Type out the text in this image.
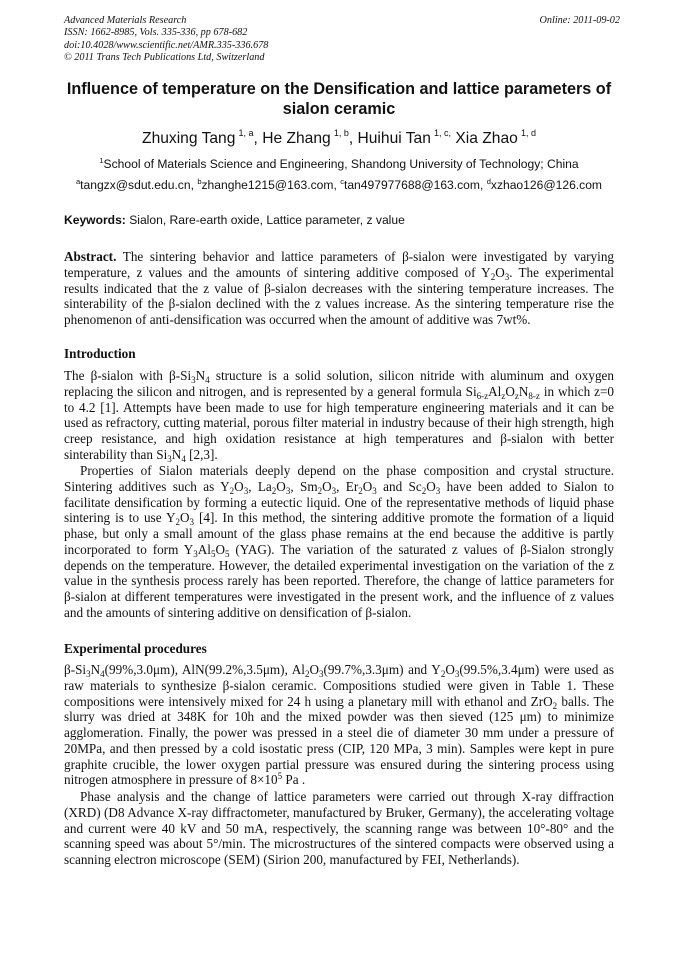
Advanced Materials Research
ISSN: 1662-8985, Vols. 335-336, pp 678-682
doi:10.4028/www.scientific.net/AMR.335-336.678
© 2011 Trans Tech Publications Ltd, Switzerland
Online: 2011-09-02
Influence of temperature on the Densification and lattice parameters of sialon ceramic
Zhuxing Tang  $^{1, a}$, He Zhang  $^{1, b}$, Huihui Tan  $^{1, c,}$ Xia Zhao  $^{1, d}$
$^1$School of Materials Science and Engineering, Shandong University of Technology; China
$^a$tangzx@sdut.edu.cn, $^b$zhanghe1215@163.com, $^c$tan497977688@163.com, $^d$xzhao126@126.com
Keywords: Sialon, Rare-earth oxide, Lattice parameter, z value
Abstract. The sintering behavior and lattice parameters of β-sialon were investigated by varying temperature, z values and the amounts of sintering additive composed of $Y_2O_3$. The experimental results indicated that the z value of β-sialon decreases with the sintering temperature increases. The sinterability of the β-sialon declined with the z values increase. As the sintering temperature rise the phenomenon of anti-densification was occurred when the amount of additive was 7wt%.
Introduction
The β-sialon with $\beta-Si_3N_4$ structure is a solid solution, silicon nitride with aluminum and oxygen replacing the silicon and nitrogen, and is represented by a general formula $Si_{6-z}Al_zO_zN_{8-z}$ in which z=0 to 4.2 [1]. Attempts have been made to use for high temperature engineering materials and it can be used as refractory, cutting material, porous filter material in industry because of their high strength, high creep resistance, and high oxidation resistance at high temperatures and β-sialon with better sinterability than $Si_3N_4$ [2,3].
Properties of Sialon materials deeply depend on the phase composition and crystal structure. Sintering additives such as $Y_2O_3$, $La_2O_3$, $Sm_2O_3$, $Er_2O_3$ and $Sc_2O_3$ have been added to Sialon to facilitate densification by forming a eutectic liquid. One of the representative methods of liquid phase sintering is to use $Y_2O_3$ [4]. In this method, the sintering additive promote the formation of a liquid phase, but only a small amount of the glass phase remains at the end because the additive is partly incorporated to form $Y_3Al_5O_5$ (YAG). The variation of the saturated z values of β-Sialon strongly depends on the temperature. However, the detailed experimental investigation on the variation of the z value in the synthesis process rarely has been reported. Therefore, the change of lattice parameters for β-sialon at different temperatures were investigated in the present work, and the influence of z values and the amounts of sintering additive on densification of β-sialon.
Experimental procedures
$\beta-Si_3N_4(99\%,3.0\mu m)$, AlN(99.2%,3.5μm), $Al_2O_3(99.7\%,3.3\mu m)$ and $Y_2O_3(99.5\%,3.4\mu m)$ were used as raw materials to synthesize β-sialon ceramic. Compositions studied were given in Table 1. These compositions were intensively mixed for 24 h using a planetary mill with ethanol and ZrO$_2$ balls. The slurry was dried at 348K for 10h and the mixed powder was then sieved (125 μm) to minimize agglomeration. Finally, the power was pressed in a steel die of diameter 30 mm under a pressure of 20MPa, and then pressed by a cold isostatic press (CIP, 120 MPa, 3 min). Samples were kept in pure graphite crucible, the lower oxygen partial pressure was ensured during the sintering process using nitrogen atmosphere in pressure of $8\times 10^5$ Pa .
Phase analysis and the change of lattice parameters were carried out through X-ray diffraction (XRD) (D8 Advance X-ray diffractometer, manufactured by Bruker, Germany), the accelerating voltage and current were 40 kV and 50 mA, respectively, the scanning range was between 10°-80° and the scanning speed was about 5°/min. The microstructures of the sintered compacts were observed using a scanning electron microscope (SEM) (Sirion 200, manufactured by FEI, Netherlands).
